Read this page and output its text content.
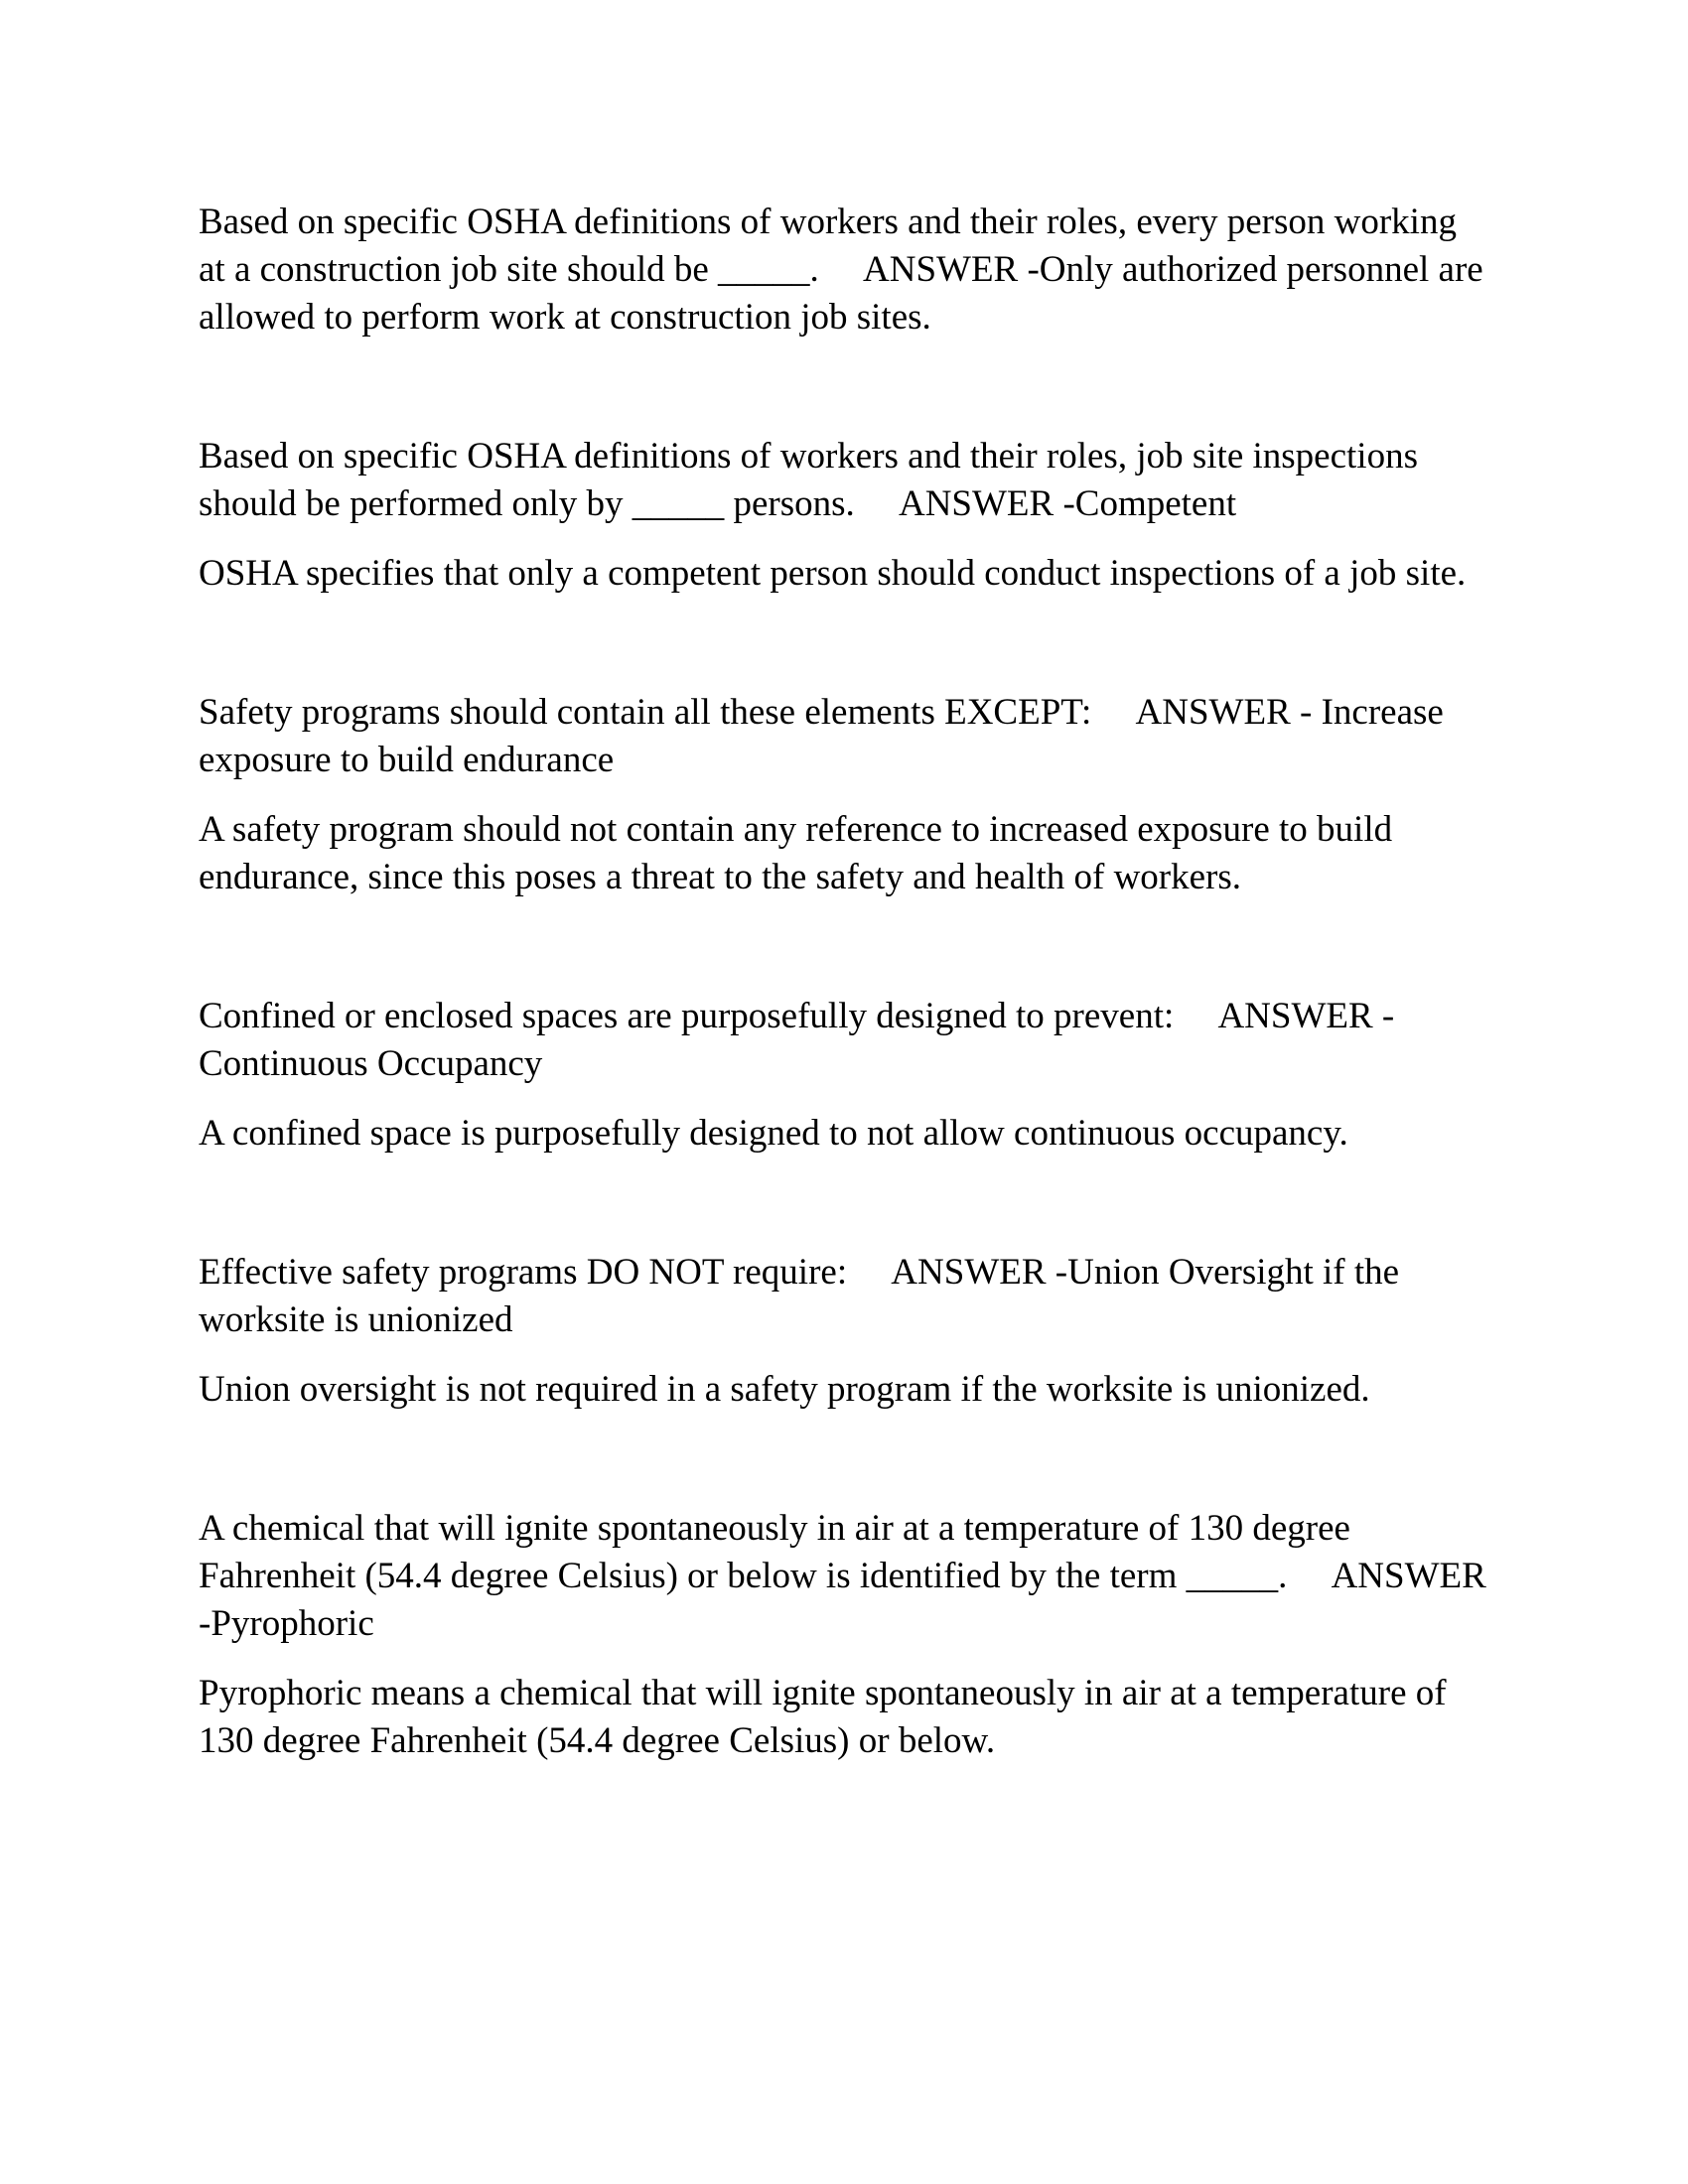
Based on specific OSHA definitions of workers and their roles, every person working at a construction job site should be _____.     ANSWER -Only authorized personnel are allowed to perform work at construction job sites.

Based on specific OSHA definitions of workers and their roles, job site inspections should be performed only by _____ persons.     ANSWER -Competent

OSHA specifies that only a competent person should conduct inspections of a job site.

Safety programs should contain all these elements EXCEPT:     ANSWER - Increase exposure to build endurance

A safety program should not contain any reference to increased exposure to build endurance, since this poses a threat to the safety and health of workers.

Confined or enclosed spaces are purposefully designed to prevent:     ANSWER - Continuous Occupancy

A confined space is purposefully designed to not allow continuous occupancy.

Effective safety programs DO NOT require:     ANSWER -Union Oversight if the worksite is unionized

Union oversight is not required in a safety program if the worksite is unionized.

A chemical that will ignite spontaneously in air at a temperature of 130 degree Fahrenheit (54.4 degree Celsius) or below is identified by the term _____.     ANSWER -Pyrophoric

Pyrophoric means a chemical that will ignite spontaneously in air at a temperature of 130 degree Fahrenheit (54.4 degree Celsius) or below.
